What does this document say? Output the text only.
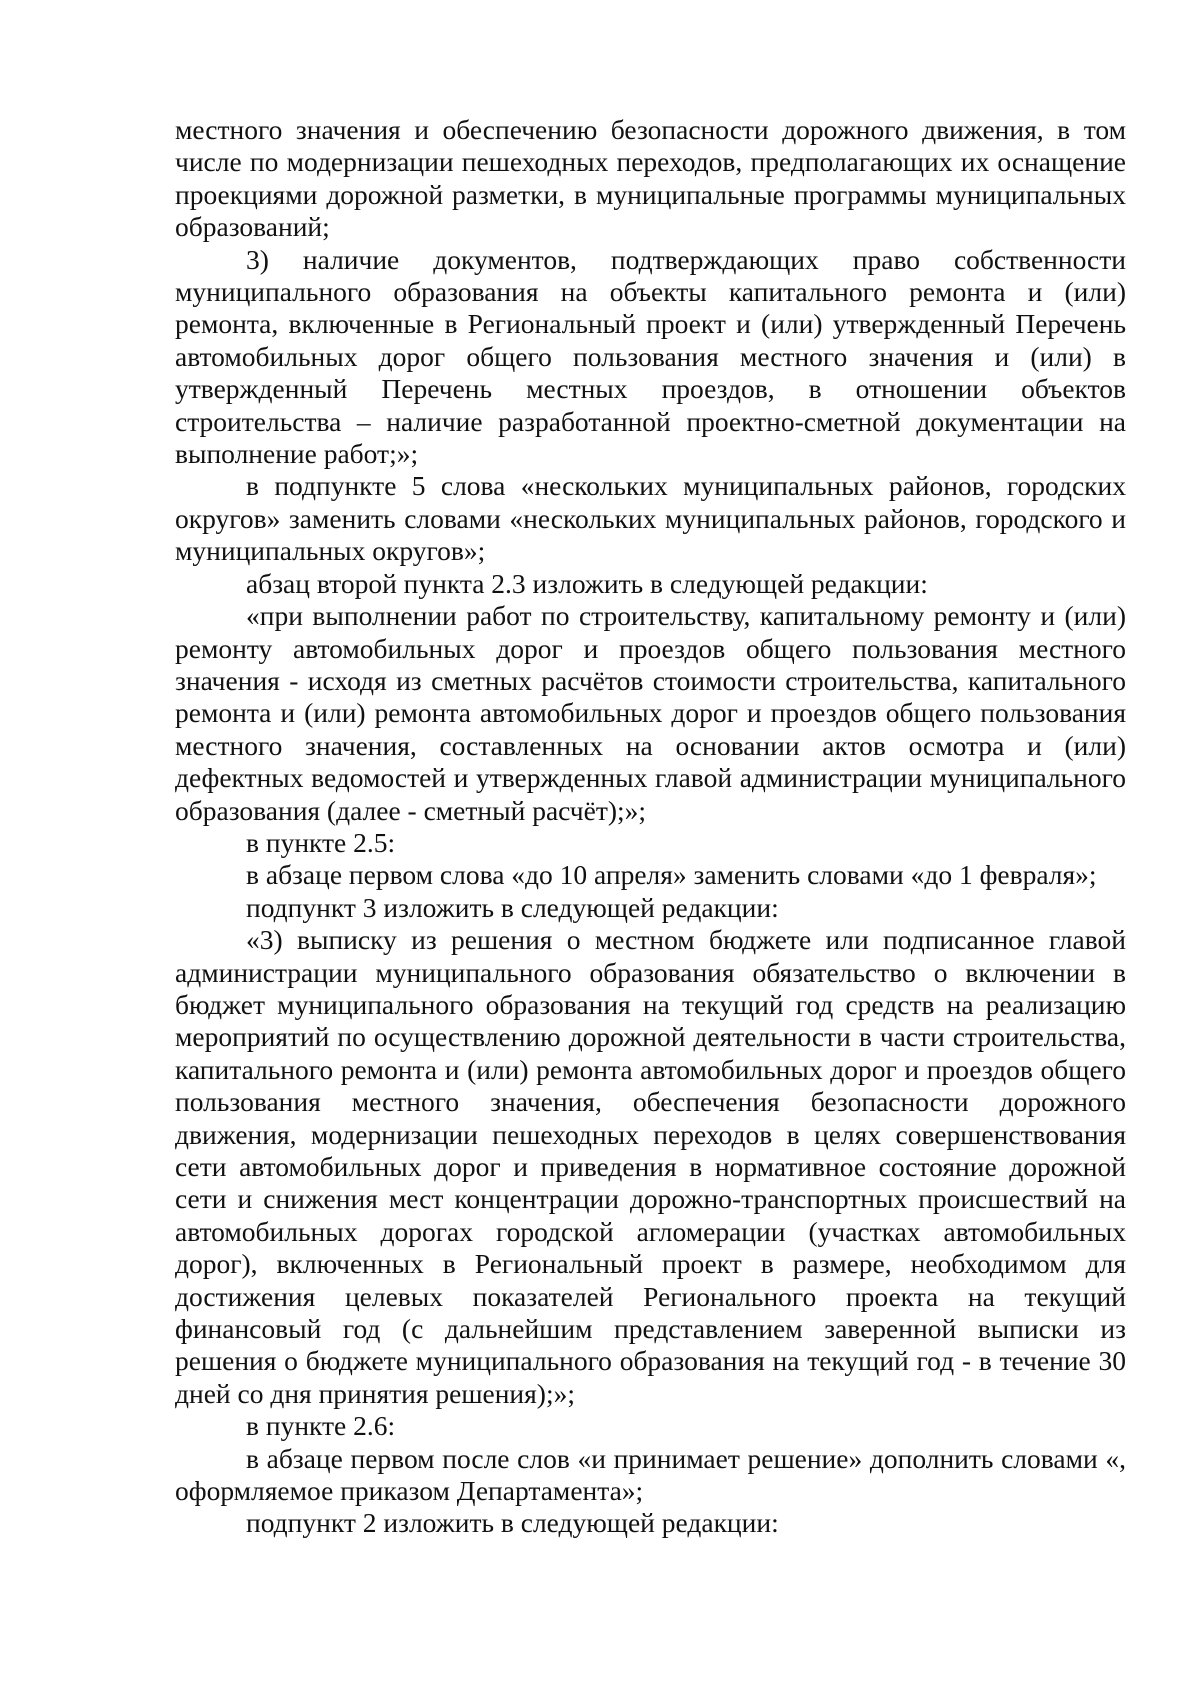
местного значения и обеспечению безопасности дорожного движения, в том числе по модернизации пешеходных переходов, предполагающих их оснащение проекциями дорожной разметки, в муниципальные программы муниципальных образований;

3) наличие документов, подтверждающих право собственности муниципального образования на объекты капитального ремонта и (или) ремонта, включенные в Региональный проект и (или) утвержденный Перечень автомобильных дорог общего пользования местного значения и (или) в утвержденный Перечень местных проездов, в отношении объектов строительства – наличие разработанной проектно-сметной документации на выполнение работ;»;

в подпункте 5 слова «нескольких муниципальных районов, городских округов» заменить словами «нескольких муниципальных районов, городского и муниципальных округов»;

абзац второй пункта 2.3 изложить в следующей редакции:

«при выполнении работ по строительству, капитальному ремонту и (или) ремонту автомобильных дорог и проездов общего пользования местного значения - исходя из сметных расчётов стоимости строительства, капитального ремонта и (или) ремонта автомобильных дорог и проездов общего пользования местного значения, составленных на основании актов осмотра и (или) дефектных ведомостей и утвержденных главой администрации муниципального образования (далее - сметный расчёт);»;

в пункте 2.5:

в абзаце первом слова «до 10 апреля» заменить словами «до 1 февраля»;

подпункт 3 изложить в следующей редакции:

«3) выписку из решения о местном бюджете или подписанное главой администрации муниципального образования обязательство о включении в бюджет муниципального образования на текущий год средств на реализацию мероприятий по осуществлению дорожной деятельности в части строительства, капитального ремонта и (или) ремонта автомобильных дорог и проездов общего пользования местного значения, обеспечения безопасности дорожного движения, модернизации пешеходных переходов в целях совершенствования сети автомобильных дорог и приведения в нормативное состояние дорожной сети и снижения мест концентрации дорожно-транспортных происшествий на автомобильных дорогах городской агломерации (участках автомобильных дорог), включенных в Региональный проект в размере, необходимом для достижения целевых показателей Регионального проекта на текущий финансовый год (с дальнейшим представлением заверенной выписки из решения о бюджете муниципального образования на текущий год - в течение 30 дней со дня принятия решения);»;

в пункте 2.6:

в абзаце первом после слов «и принимает решение» дополнить словами «, оформляемое приказом Департамента»;

подпункт 2 изложить в следующей редакции:
